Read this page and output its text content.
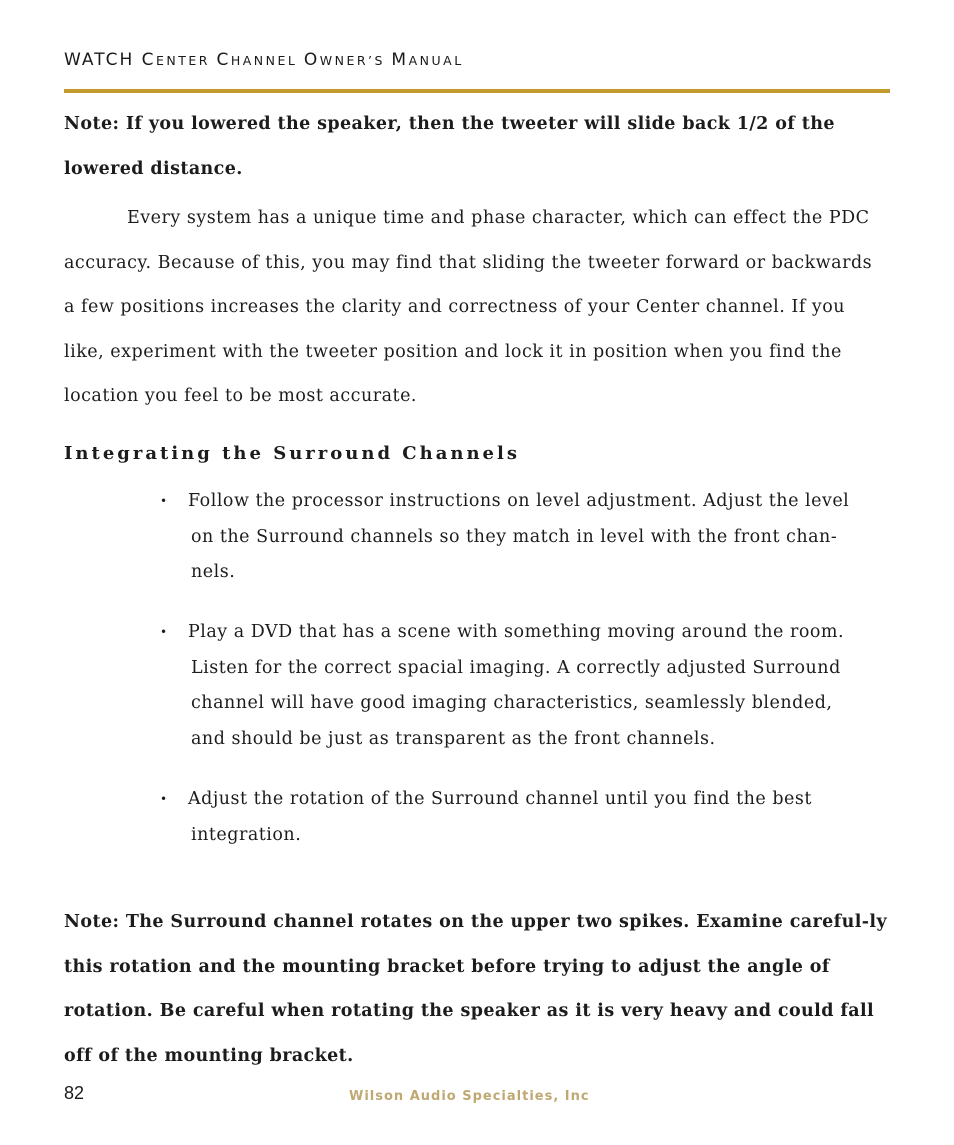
WATCH CENTER CHANNEL OWNER’S MANUAL

Note: If you lowered the speaker, then the tweeter will slide back 1/2 of the lowered distance.

Every system has a unique time and phase character, which can effect the PDC accuracy. Because of this, you may find that sliding the tweeter forward or backwards a few positions increases the clarity and correctness of your Center channel. If you like, experiment with the tweeter position and lock it in position when you find the location you feel to be most accurate.

Integrating the Surround Channels
•	Follow the processor instructions on level adjustment. Adjust the level
on the Surround channels so they match in level with the front chan-
nels.
•	Play a DVD that has a scene with something moving around the room.
Listen for the correct spacial imaging. A correctly adjusted Surround
channel will have good imaging characteristics, seamlessly blended,
and should be just as transparent as the front channels.
•	Adjust the rotation of the Surround channel until you find the best
integration.

Note: The Surround channel rotates on the upper two spikes. Examine careful-ly this rotation and the mounting bracket before trying to adjust the angle of rotation. Be careful when rotating the speaker as it is very heavy and could fall off of the mounting bracket.

82	Wilson Audio Specialties, Inc
